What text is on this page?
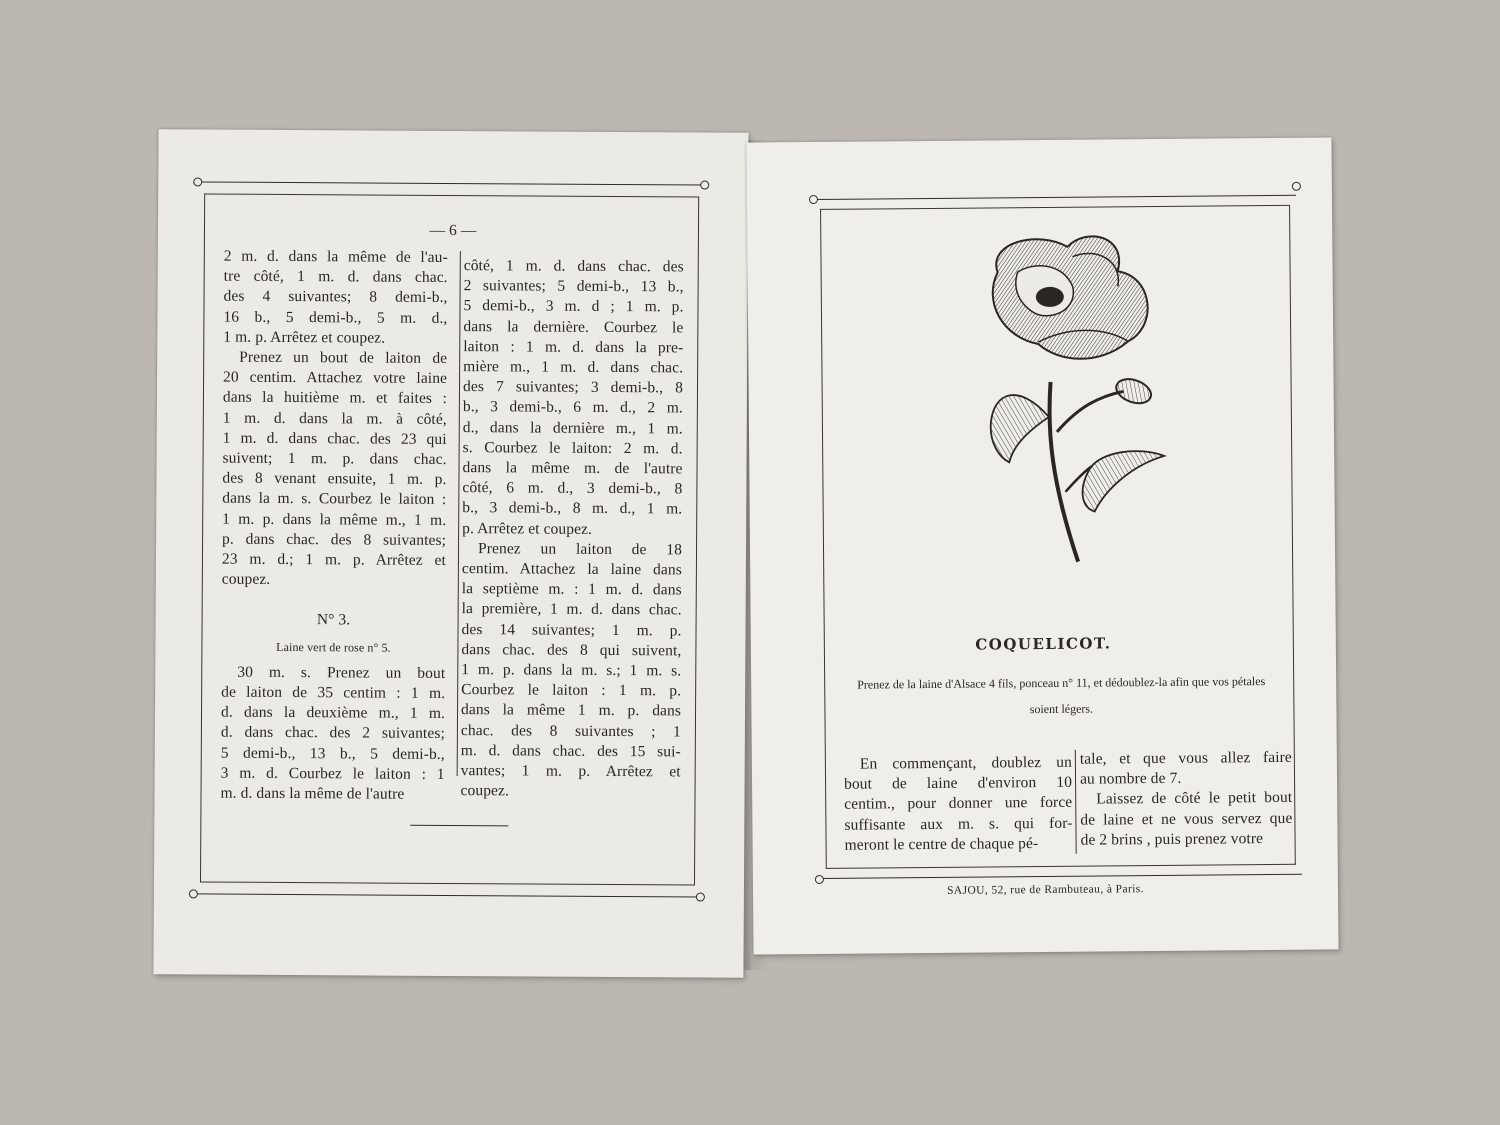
— 6 —

2 m. d. dans la même de l'au-

tre côté, 1 m. d. dans chac.

des 4 suivantes; 8 demi-b.,

16 b., 5 demi-b., 5 m. d.,

1 m. p. Arrêtez et coupez.

Prenez un bout de laiton de

20 centim. Attachez votre laine

dans la huitième m. et faites :

1 m. d. dans la m. à côté,

1 m. d. dans chac. des 23 qui

suivent; 1 m. p. dans chac.

des 8 venant ensuite, 1 m. p.

dans la m. s. Courbez le laiton :

1 m. p. dans la même m., 1 m.

p. dans chac. des 8 suivantes;

23 m. d.; 1 m. p. Arrêtez et

coupez.

N° 3.

Laine vert de rose n° 5.

30 m. s. Prenez un bout

de laiton de 35 centim : 1 m.

d. dans la deuxième m., 1 m.

d. dans chac. des 2 suivantes;

5 demi-b., 13 b., 5 demi-b.,

3 m. d. Courbez le laiton : 1

m. d. dans la même de l'autre

côté, 1 m. d. dans chac. des

2 suivantes; 5 demi-b., 13 b.,

5 demi-b., 3 m. d ; 1 m. p.

dans la dernière. Courbez le

laiton : 1 m. d. dans la pre-

mière m., 1 m. d. dans chac.

des 7 suivantes; 3 demi-b., 8

b., 3 demi-b., 6 m. d., 2 m.

d., dans la dernière m., 1 m.

s. Courbez le laiton: 2 m. d.

dans la même m. de l'autre

côté, 6 m. d., 3 demi-b., 8

b., 3 demi-b., 8 m. d., 1 m.

p. Arrêtez et coupez.

Prenez un laiton de 18

centim. Attachez la laine dans

la septième m. : 1 m. d. dans

la première, 1 m. d. dans chac.

des 14 suivantes; 1 m. p.

dans chac. des 8 qui suivent,

1 m. p. dans la m. s.; 1 m. s.

Courbez le laiton : 1 m. p.

dans la même 1 m. p. dans

chac. des 8 suivantes ; 1

m. d. dans chac. des 15 sui-

vantes; 1 m. p. Arrêtez et

coupez.

COQUELICOT.
Prenez de la laine d'Alsace 4 fils, ponceau n° 11, et dédoublez-la afin que vos pétales
soient légers.

En commençant, doublez un

bout de laine d'environ 10

centim., pour donner une force

suffisante aux m. s. qui for-

meront le centre de chaque pé-

tale, et que vous allez faire

au nombre de 7.

Laissez de côté le petit bout

de laine et ne vous servez que

de 2 brins , puis prenez votre

SAJOU, 52, rue de Rambuteau, à Paris.
